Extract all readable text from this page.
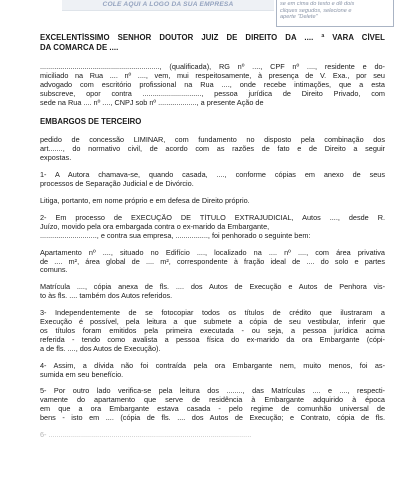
COLE AQUI A LOGO DA SUA EMPRESA	se em cima do texto e dê dois
cliques segudos, selecione e
aperte "Delete"
EXCELENTÍSSIMO SENHOR DOUTOR JUIZ DE DIREITO DA .... ª VARA CÍVEL
DA COMARCA DE ....
..........................................................., (qualificada), RG nº ...., CPF nº ...., residente e do-
miciliado na Rua .... nº ...., vem, mui respeitosamente, à presença de V. Exa., por seu
advogado com escritório profissional na Rua ...., onde recebe intimações, que a esta
subscreve, opor contra ............................., pessoa jurídica de Direito Privado, com
sede na Rua .... nº ...., CNPJ sob nº ..................., a presente Ação de
EMBARGOS DE TERCEIRO
pedido de concessão LIMINAR, com fundamento no disposto pela combinação dos
art......., do normativo civil, de acordo com as razões de fato e de Direito a seguir
expostas.
1- A Autora chamava-se, quando casada, ...., conforme cópias em anexo de seus
processos de Separação Judicial e de Divórcio.
Litiga, portanto, em nome próprio e em defesa de Direito próprio.
2- Em processo de EXECUÇÃO DE TÍTULO EXTRAJUDICIAL, Autos ...., desde R.
Juízo, movido pela ora embargada contra o ex-marido da Embargante,
............................, e contra sua empresa, ................, foi penhorado o seguinte bem:
Apartamento nº ...., situado no Edifício ...., localizado na .... nº ...., com área privativa
de .... m², área global de .... m², correspondente à fração ideal de .... do solo e partes
comuns.
Matrícula ...., cópia anexa de fls. .... dos Autos de Execução e Autos de Penhora vis-
to às fls. .... também dos Autos referidos.
3- Independentemente de se fotocopiar todos os títulos de crédito que ilustraram a
Execução é possível, pela leitura a que submete a cópia de seu vestibular, inferir que
os títulos foram emitidos pela primeira executada - ou seja, a pessoa jurídica acima
referida - tendo como avalista a pessoa física do ex-marido da ora Embargante (cópi-
a de fls. ...., dos Autos de Execução).
4- Assim, a dívida não foi contraída pela ora Embargante nem, muito menos, foi as-
sumida em seu benefício.
5- Por outro lado verifica-se pela leitura dos ........, das Matrículas .... e ...., respecti-
vamente do apartamento que serve de residência à Embargante adquirido à época
em que a ora Embargante estava casada - pelo regime de comunhão universal de
bens - isto em .... (cópia de fls. .... dos Autos de Execução; e Contrato, cópia de fls.
6- ....................................................................................................
